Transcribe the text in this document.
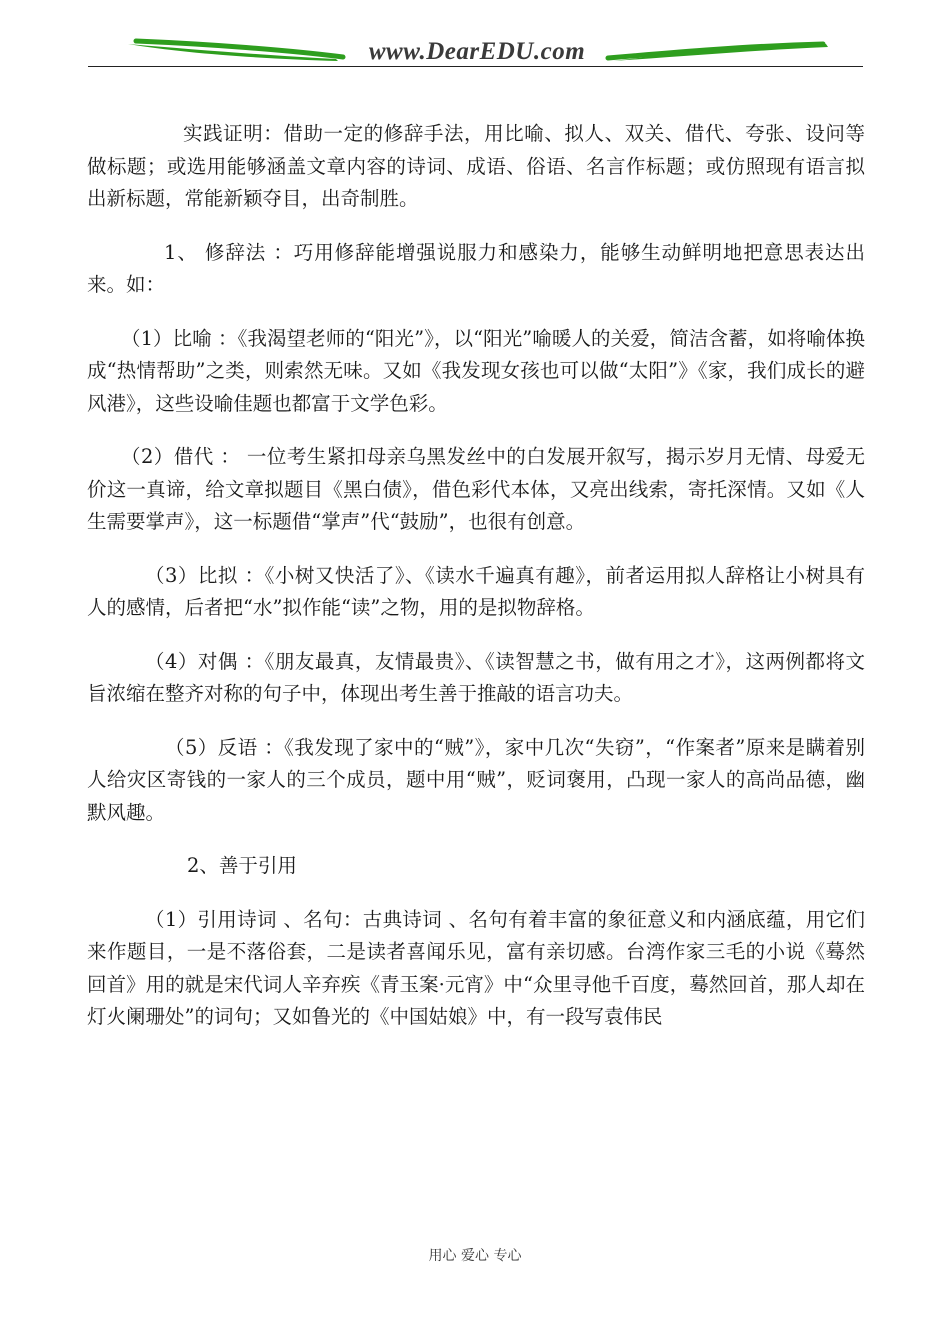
www.DearEDU.com

实践证明：借助一定的修辞手法，用比喻、拟人、双关、借代、夸张、设问等做标题；或选用能够涵盖文章内容的诗词、成语、俗语、名言作标题；或仿照现有语言拟出新标题，常能新颖夺目，出奇制胜。

1、 修辞法 ：巧用修辞能增强说服力和感染力，能够生动鲜明地把意思表达出来。如：

（1）比喻 ：《我渴望老师的“阳光”》，以“阳光”喻暖人的关爱，简洁含蓄，如将喻体换成“热情帮助”之类，则索然无味。又如《我发现女孩也可以做“太阳”》《家，我们成长的避风港》，这些设喻佳题也都富于文学色彩。

（2）借代 ： 一位考生紧扣母亲乌黑发丝中的白发展开叙写，揭示岁月无情、母爱无价这一真谛，给文章拟题目《黑白债》，借色彩代本体，又亮出线索，寄托深情。又如《人生需要掌声》，这一标题借“掌声”代“鼓励”，也很有创意。

（3）比拟 ：《小树又快活了》、《读水千遍真有趣》，前者运用拟人辞格让小树具有人的感情，后者把“水”拟作能“读”之物，用的是拟物辞格。

（4）对偶 ：《朋友最真，友情最贵》、《读智慧之书，做有用之才》，这两例都将文旨浓缩在整齐对称的句子中，体现出考生善于推敲的语言功夫。

（5）反语 ：《我发现了家中的“贼”》，家中几次“失窃”，“作案者”原来是瞒着别人给灾区寄钱的一家人的三个成员，题中用“贼”，贬词褒用，凸现一家人的高尚品德，幽默风趣。

2、善于引用

（1）引用诗词 、名句：古典诗词 、名句有着丰富的象征意义和内涵底蕴，用它们来作题目，一是不落俗套，二是读者喜闻乐见，富有亲切感。台湾作家三毛的小说《蓦然回首》用的就是宋代词人辛弃疾《青玉案·元宵》中“众里寻他千百度，蓦然回首，那人却在灯火阑珊处”的词句；又如鲁光的《中国姑娘》中，有一段写袁伟民

用心 爱心 专心
